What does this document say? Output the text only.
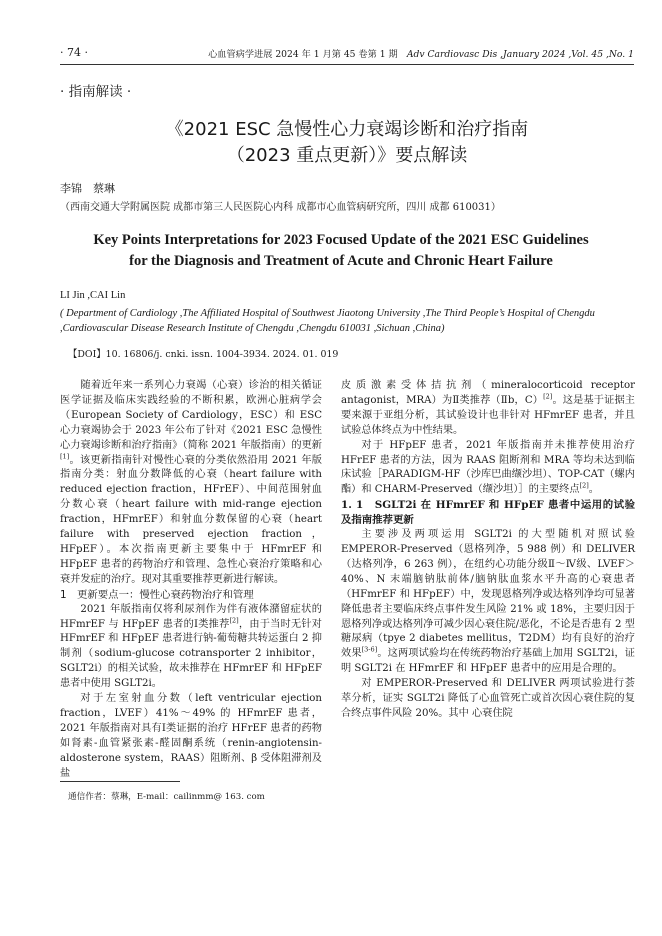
· 74 ·	心血管病学进展 2024 年 1 月第 45 卷第 1 期　 Adv Cardiovasc Dis ,January 2024 ,Vol. 45 ,No. 1
· 指南解读 ·
《2021 ESC 急慢性心力衰竭诊断和治疗指南
（2023 重点更新）》要点解读
李锦　蔡琳
（西南交通大学附属医院 成都市第三人民医院心内科 成都市心血管病研究所，四川 成都 610031）
Key Points Interpretations for 2023 Focused Update of the 2021 ESC Guidelines
for the Diagnosis and Treatment of Acute and Chronic Heart Failure
LI Jin ,CAI Lin
( Department of Cardiology ,The Affiliated Hospital of Southwest Jiaotong University ,The Third People’s Hospital of Chengdu ,Cardiovascular Disease Research Institute of Chengdu ,Chengdu 610031 ,Sichuan ,China)
【DOI】10. 16806/j. cnki. issn. 1004-3934. 2024. 01. 019

随着近年来一系列心力衰竭（心衰）诊治的相关循证医学证据及临床实践经验的不断积累，欧洲心脏病学会（European Society of Cardiology，ESC）和 ESC 心力衰竭协会于 2023 年公布了针对《2021 ESC 急慢性心力衰竭诊断和治疗指南》（简称 2021 年版指南）的更新[1]。该更新指南针对慢性心衰的分类依然沿用 2021 年版指南分类：射血分数降低的心衰（heart failure with reduced ejection fraction，HFrEF）、中间范围射血分数心衰（heart failure with mid-range ejection fraction，HFmrEF）和射血分数保留的心衰（heart failure with preserved ejection fraction，HFpEF）。本次指南更新主要集中于 HFmrEF 和 HFpEF 患者的药物治疗和管理、急性心衰治疗策略和心衰并发症的治疗。现对其重要推荐更新进行解读。

1　更新要点一：慢性心衰药物治疗和管理

2021 年版指南仅将利尿剂作为伴有液体潴留症状的 HFmrEF 与 HFpEF 患者的Ⅰ类推荐[2]，由于当时无针对 HFmrEF 和 HFpEF 患者进行钠-葡萄糖共转运蛋白 2 抑制剂（sodium-glucose cotransporter 2 inhibitor，SGLT2i）的相关试验，故未推荐在 HFmrEF 和 HFpEF 患者中使用 SGLT2i。

对于左室射血分数（left ventricular ejection fraction，LVEF）41%～49% 的 HFmrEF 患者，2021 年版指南对具有Ⅰ类证据的治疗 HFrEF 患者的药物如肾素-血管紧张素-醛固酮系统（renin-angiotensin-aldosterone system，RAAS）阻断剂、β 受体阻滞剂及盐

皮质激素受体拮抗剂（mineralocorticoid receptor antagonist，MRA）为Ⅱ类推荐（Ⅱb，C）[2]。这是基于证据主要来源于亚组分析，其试验设计也非针对 HFmrEF 患者，并且试验总体终点为中性结果。

对于 HFpEF 患者，2021 年版指南并未推荐使用治疗 HFrEF 患者的方法，因为 RAAS 阻断剂和 MRA 等均未达到临床试验［PARADIGM-HF（沙库巴曲缬沙坦）、TOP-CAT（螺内酯）和 CHARM-Preserved（缬沙坦）］的主要终点[2]。

1. 1　SGLT2i 在 HFmrEF 和 HFpEF 患者中运用的试验及指南推荐更新

主要涉及两项运用 SGLT2i 的大型随机对照试验 EMPEROR-Preserved（恩格列净，5 988 例）和 DELIVER（达格列净，6 263 例），在纽约心功能分级Ⅱ～Ⅳ级、LVEF＞40%、N 末端脑钠肽前体/脑钠肽血浆水平升高的心衰患者（HFmrEF 和 HFpEF）中，发现恩格列净或达格列净均可显著降低患者主要临床终点事件发生风险 21% 或 18%，主要归因于恩格列净或达格列净可减少因心衰住院/恶化，不论是否患有 2 型糖尿病（tpye 2 diabetes mellitus，T2DM）均有良好的治疗效果[3-6]。这两项试验均在传统药物治疗基础上加用 SGLT2i，证明 SGLT2i 在 HFmrEF 和 HFpEF 患者中的应用是合理的。

对 EMPEROR-Preserved 和 DELIVER 两项试验进行荟萃分析，证实 SGLT2i 降低了心血管死亡或首次因心衰住院的复合终点事件风险 20%。其中 心衰住院

通信作者：蔡琳，E-mail：cailinmm@ 163. com
